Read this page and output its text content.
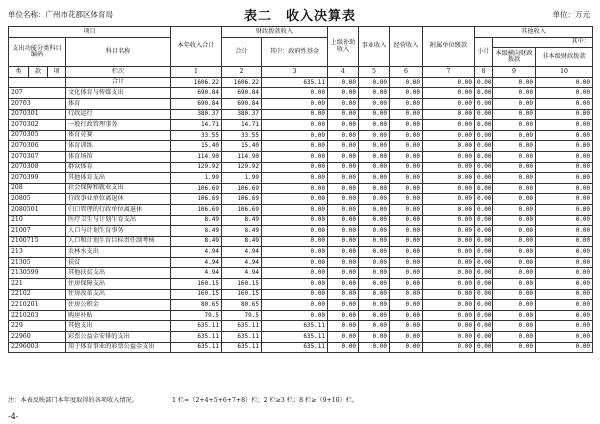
单位名称：广州市花都区体育局	表二　收入决算表	单位：万元
项目				本年收入合计	财政拨款收入		上级补助收入	事业收入	经营收入	附属单位缴款	其他收入		
支出功能分类科目编码			科目名称		合计	其中：政府性基金					小计	其中：	
												本级横向财政拨款	非本级财政拨款
类	款	项	栏次	1	2	3	4	5	6	7	8	9	10
			合计	1606.22	1606.22	635.11	0.00	0.00	0.00	0.00	0.00	0.00	0.00
207			文化体育与传媒支出	690.84	690.84	0.00	0.00	0.00	0.00	0.00	0.00	0.00	0.00
20703			体育	690.84	690.84	0.00	0.00	0.00	0.00	0.00	0.00	0.00	0.00
2070301			行政运行	380.37	380.37	0.00	0.00	0.00	0.00	0.00	0.00	0.00	0.00
2070302			一般行政管理事务	14.71	14.71	0.00	0.00	0.00	0.00	0.00	0.00	0.00	0.00
2070305			体育竞赛	33.55	33.55	0.00	0.00	0.00	0.00	0.00	0.00	0.00	0.00
2070306			体育训练	15.40	15.40	0.00	0.00	0.00	0.00	0.00	0.00	0.00	0.00
2070307			体育场馆	114.90	114.90	0.00	0.00	0.00	0.00	0.00	0.00	0.00	0.00
2070308			群众体育	129.92	129.92	0.00	0.00	0.00	0.00	0.00	0.00	0.00	0.00
2070399			其他体育支出	1.99	1.99	0.00	0.00	0.00	0.00	0.00	0.00	0.00	0.00
208			社会保障和就业支出	106.69	106.69	0.00	0.00	0.00	0.00	0.00	0.00	0.00	0.00
20805			行政事业单位离退休	106.69	106.69	0.00	0.00	0.00	0.00	0.00	0.00	0.00	0.00
2080501			归口管理的行政单位离退休	106.69	106.69	0.00	0.00	0.00	0.00	0.00	0.00	0.00	0.00
210			医疗卫生与计划生育支出	8.49	8.49	0.00	0.00	0.00	0.00	0.00	0.00	0.00	0.00
21007			人口与计划生育事务	8.49	8.49	0.00	0.00	0.00	0.00	0.00	0.00	0.00	0.00
2100715			人口和计划生育目标责任制考核	8.49	8.49	0.00	0.00	0.00	0.00	0.00	0.00	0.00	0.00
213			农林水支出	4.94	4.94	0.00	0.00	0.00	0.00	0.00	0.00	0.00	0.00
21305			扶贫	4.94	4.94	0.00	0.00	0.00	0.00	0.00	0.00	0.00	0.00
2130599			其他扶贫支出	4.94	4.94	0.00	0.00	0.00	0.00	0.00	0.00	0.00	0.00
221			住房保障支出	160.15	160.15	0.00	0.00	0.00	0.00	0.00	0.00	0.00	0.00
22102			住房改革支出	160.15	160.15	0.00	0.00	0.00	0.00	0.00	0.00	0.00	0.00
2210201			住房公积金	80.65	80.65	0.00	0.00	0.00	0.00	0.00	0.00	0.00	0.00
2210203			购房补贴	79.5	79.5	0.00	0.00	0.00	0.00	0.00	0.00	0.00	0.00
229			其他支出	635.11	635.11	635.11	0.00	0.00	0.00	0.00	0.00	0.00	0.00
22960			彩票公益金安排的支出	635.11	635.11	635.11	0.00	0.00	0.00	0.00	0.00	0.00	0.00
2296003			用于体育事业的彩票公益金支出	635.11	635.11	635.11	0.00	0.00	0.00	0.00	0.00	0.00	0.00
注：本表反映部门本年度取得的各项收入情况。	1 栏=（2+4+5+6+7+8）栏；2 栏≥3 栏；8 栏≥（9+10）栏。
-4-
